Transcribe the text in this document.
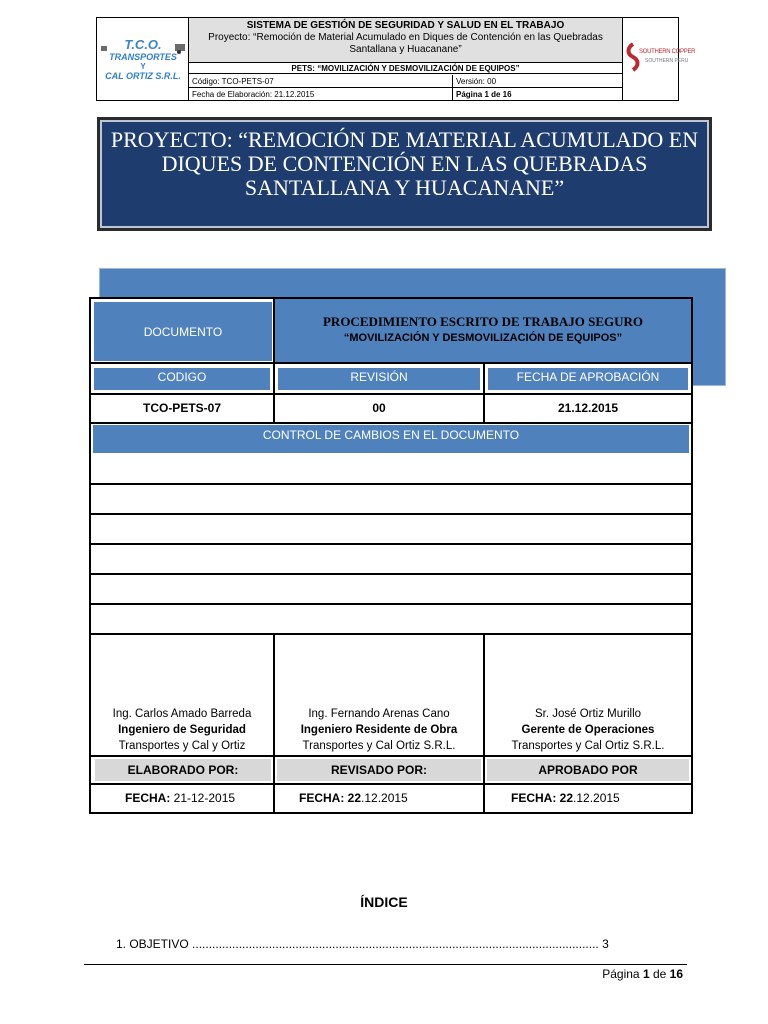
T.C.O.
TRANSPORTES
Y
CAL ORTIZ S.R.L.
SISTEMA DE GESTIÓN DE SEGURIDAD Y SALUD EN EL TRABAJO
Proyecto: “Remoción de Material Acumulado en Diques de Contención en las Quebradas Santallana y Huacanane”
PETS: “MOVILIZACIÓN Y DESMOVILIZACIÓN DE EQUIPOS”
Código: TCO-PETS-07	Versión: 00
Fecha de Elaboración: 21.12.2015	Página 1 de 16
SOUTHERN COPPER
SOUTHERN PERU
PROYECTO: “REMOCIÓN DE MATERIAL ACUMULADO EN DIQUES DE CONTENCIÓN EN LAS QUEBRADAS SANTALLANA Y HUACANANE”
DOCUMENTO
PROCEDIMIENTO ESCRITO DE TRABAJO SEGURO
“MOVILIZACIÓN Y DESMOVILIZACIÓN DE EQUIPOS”
CODIGO	REVISIÓN	FECHA DE APROBACIÓN
TCO-PETS-07	00	21.12.2015
CONTROL DE CAMBIOS EN EL DOCUMENTO
Ing. Carlos Amado Barreda
Ingeniero de Seguridad
Transportes y Cal y Ortiz
Ing. Fernando Arenas Cano
Ingeniero Residente de Obra
Transportes y Cal Ortiz S.R.L.
Sr. José Ortiz Murillo
Gerente de Operaciones
Transportes y Cal Ortiz S.R.L.
ELABORADO POR:	REVISADO POR:	APROBADO POR
FECHA: 21-12-2015	FECHA: 22.12.2015	FECHA: 22.12.2015
ÍNDICE
1. OBJETIVO .......................................................................................................................... 3
Página 1 de 16
